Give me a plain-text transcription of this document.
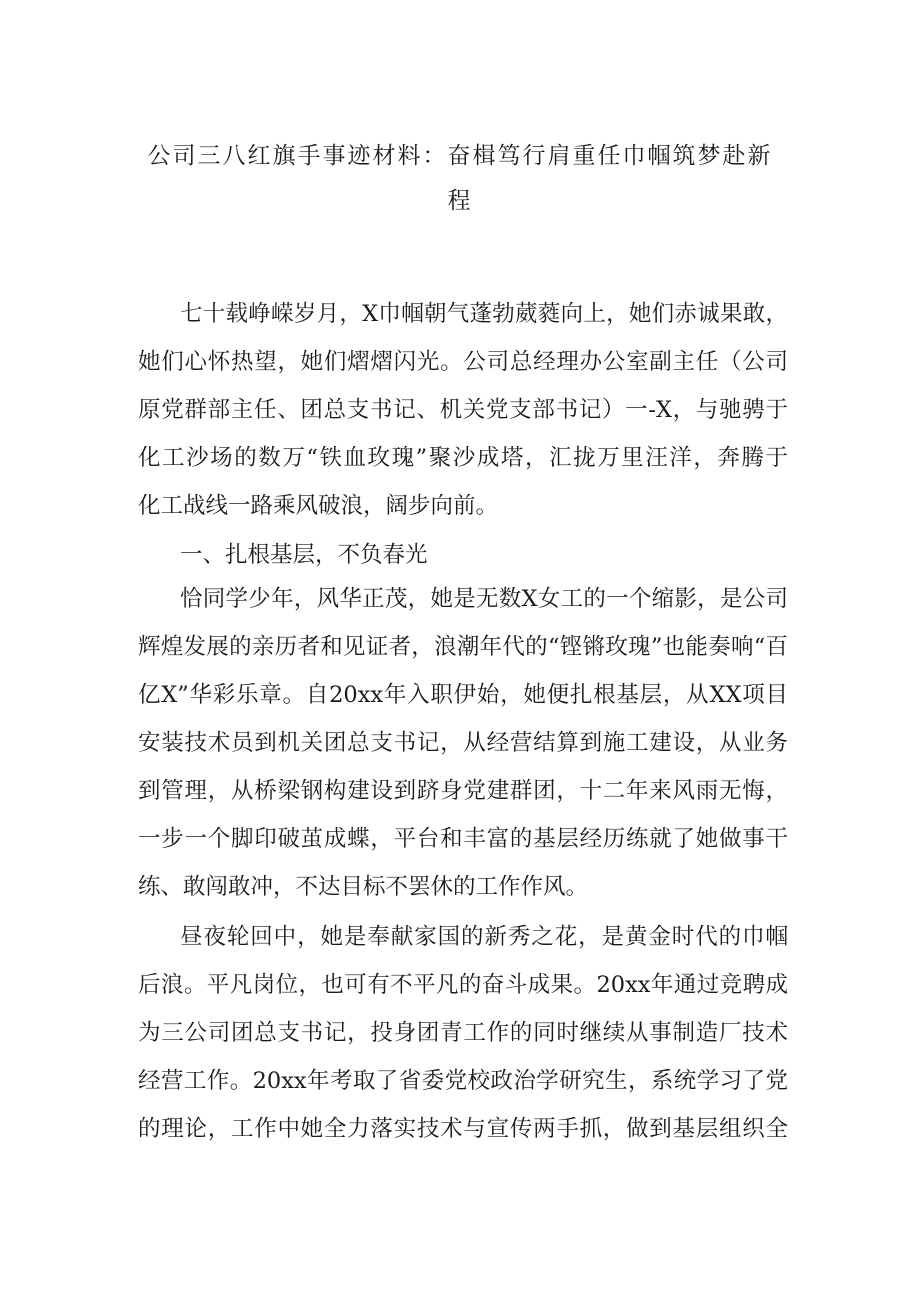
公司三八红旗手事迹材料：奋楫笃行肩重任巾帼筑梦赴新
程
七十载峥嵘岁月，X巾帼朝气蓬勃葳蕤向上，她们赤诚果敢，
她们心怀热望，她们熠熠闪光。公司总经理办公室副主任（公司
原党群部主任、团总支书记、机关党支部书记）一-X，与驰骋于
化工沙场的数万“铁血玫瑰”聚沙成塔，汇拢万里汪洋，奔腾于
化工战线一路乘风破浪，阔步向前。
一、扎根基层，不负春光
恰同学少年，风华正茂，她是无数X女工的一个缩影，是公司
辉煌发展的亲历者和见证者，浪潮年代的“铿锵玫瑰”也能奏响“百
亿X”华彩乐章。自20xx年入职伊始，她便扎根基层，从XX项目
安装技术员到机关团总支书记，从经营结算到施工建设，从业务
到管理，从桥梁钢构建设到跻身党建群团，十二年来风雨无悔，
一步一个脚印破茧成蝶，平台和丰富的基层经历练就了她做事干
练、敢闯敢冲，不达目标不罢休的工作作风。
昼夜轮回中，她是奉献家国的新秀之花，是黄金时代的巾帼
后浪。平凡岗位，也可有不平凡的奋斗成果。20xx年通过竞聘成
为三公司团总支书记，投身团青工作的同时继续从事制造厂技术
经营工作。20xx年考取了省委党校政治学研究生，系统学习了党
的理论，工作中她全力落实技术与宣传两手抓，做到基层组织全
